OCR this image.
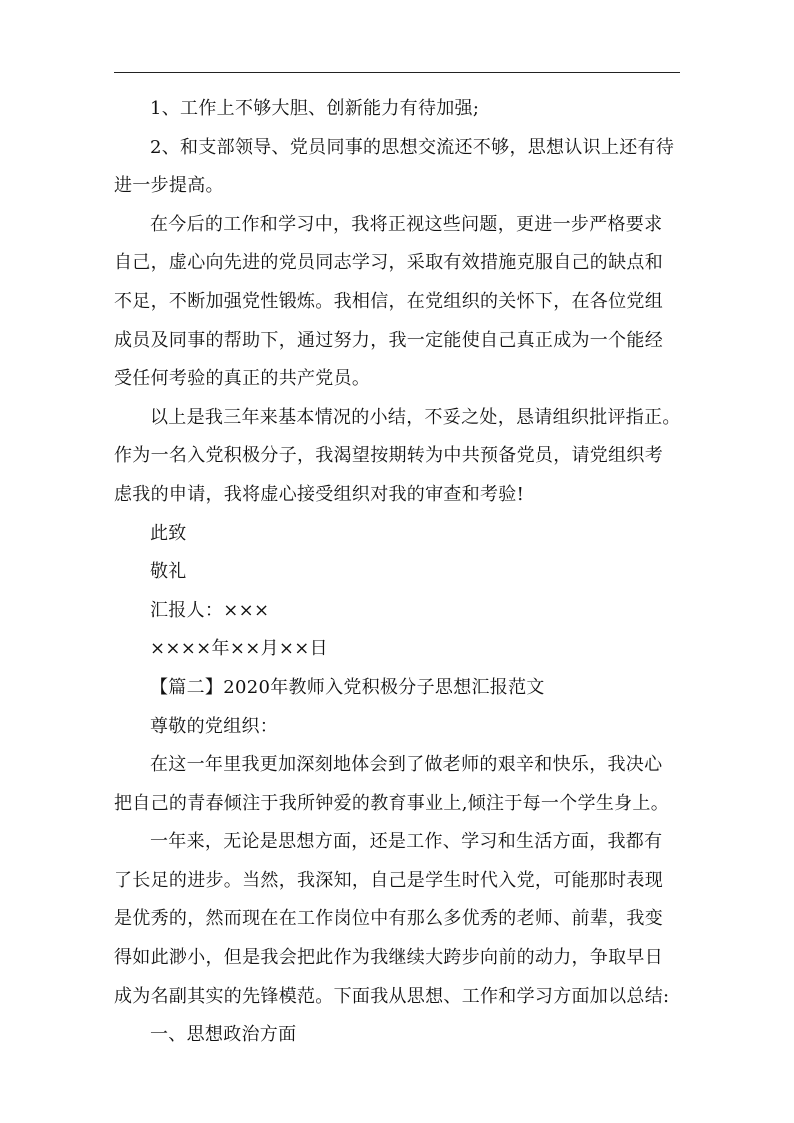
1、工作上不够大胆、创新能力有待加强;

2、和支部领导、党员同事的思想交流还不够，思想认识上还有待
进一步提高。

在今后的工作和学习中，我将正视这些问题，更进一步严格要求
自己，虚心向先进的党员同志学习，采取有效措施克服自己的缺点和
不足，不断加强党性锻炼。我相信，在党组织的关怀下，在各位党组
成员及同事的帮助下，通过努力，我一定能使自己真正成为一个能经
受任何考验的真正的共产党员。

以上是我三年来基本情况的小结，不妥之处，恳请组织批评指正。
作为一名入党积极分子，我渴望按期转为中共预备党员，请党组织考
虑我的申请，我将虚心接受组织对我的审查和考验!

此致

敬礼

汇报人：×××

××××年××月××日

【篇二】2020年教师入党积极分子思想汇报范文

尊敬的党组织：

在这一年里我更加深刻地体会到了做老师的艰辛和快乐，我决心
把自己的青春倾注于我所钟爱的教育事业上,倾注于每一个学生身上。

一年来，无论是思想方面，还是工作、学习和生活方面，我都有
了长足的进步。当然，我深知，自己是学生时代入党，可能那时表现
是优秀的，然而现在在工作岗位中有那么多优秀的老师、前辈，我变
得如此渺小，但是我会把此作为我继续大跨步向前的动力，争取早日
成为名副其实的先锋模范。下面我从思想、工作和学习方面加以总结:

一、思想政治方面
